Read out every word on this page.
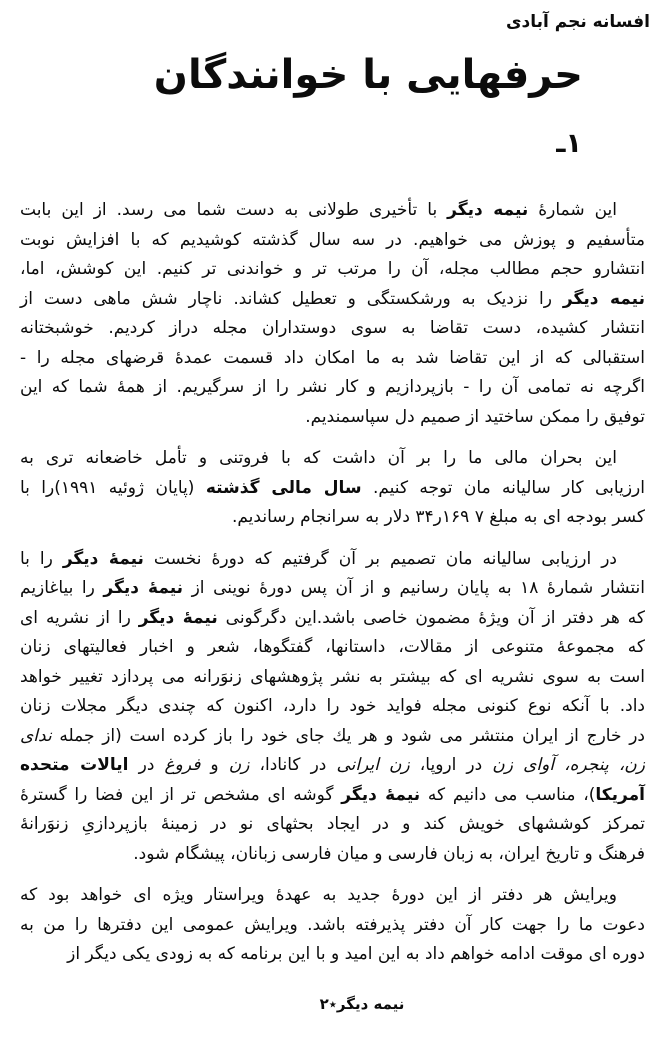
افسانه نجم آبادی
حرفهایی با خوانندگان
۱ـ
این شمارۀ نیمه دیگر با تأخیری طولانی به دست شما می رسد. از این بابت
متأسفیم و پوزش می خواهیم. در سه سال گذشته کوشیدیم که با افزایش نوبت
انتشارو حجم مطالب مجله، آن را مرتب تر و خواندنی تر کنیم. این کوشش، اما،
نیمه دیگر را نزدیک به ورشکستگی و تعطیل کشاند. ناچار شش ماهی دست از
انتشار کشیده، دست تقاضا به سوی دوستداران مجله دراز کردیم. خوشبختانه
استقبالی که از این تقاضا شد به ما امکان داد قسمت عمدۀ قرضهای مجله را -
اگرچه نه تمامی آن را - بازپردازیم و کار نشر را از سرگیریم. از همۀ شما که این
توفیق را ممکن ساختید از صمیم دل سپاسمندیم.
این بحران مالی ما را بر آن داشت که با فروتنی و تأمل خاضعانه تری به
ارزیابی کار سالیانه مان توجه کنیم. سال مالی گذشته (پایان ژوئیه ۱۹۹۱)را با
کسر بودجه ای به مبلغ ۷ ۱۶۹ر۳۴ دلار به سرانجام رساندیم.
در ارزیابی سالیانه مان تصمیم بر آن گرفتیم که دورۀ نخست نیمۀ دیگر را با
انتشار شمارۀ ۱۸ به پایان رسانیم و از آن پس دورۀ نوینی از نیمۀ دیگر را بیاغازیم
که هر دفتر از آن ویژۀ مضمون خاصی باشد.این دگرگونی نیمۀ دیگر را از نشریه ای
که مجموعۀ متنوعی از مقالات، داستانها، گفتگوها، شعر و اخبار فعالیتهای زنان
است به سوی نشریه ای که بیشتر به نشر پژوهشهای زنوَرانه می پردازد تغییر خواهد
داد. با آنکه نوع کنونی مجله فواید خود را دارد، اکنون که چندی دیگر مجلات زنان
در خارج از ایران منتشر می شود و هر یك جای خود را باز کرده است (از جمله ندای
زن، پنجره، آوای زن در اروپا، زن ایرانی در کانادا، زن و فروغ در ایالات متحده
آمریکا)، مناسب می دانیم که نیمۀ دیگر گوشه ای مشخص تر از این فضا را گسترۀ
تمرکز کوششهای خویش کند و در ایجاد بحثهای نو در زمینۀ بازپردازیِ زنوَرانۀ
فرهنگ و تاریخ ایران، به زبان فارسی و میان فارسی زبانان، پیشگام شود.
ویرایش هر دفتر از این دورۀ جدید به عهدۀ ویراستار ویژه ای خواهد بود که
دعوت ما را جهت کار آن دفتر پذیرفته باشد. ویرایش عمومی این دفترها را من به
دوره ای موقت ادامه خواهم داد به این امید و با این برنامه که به زودی یکی دیگر از
نیمه دیگر٭۲
